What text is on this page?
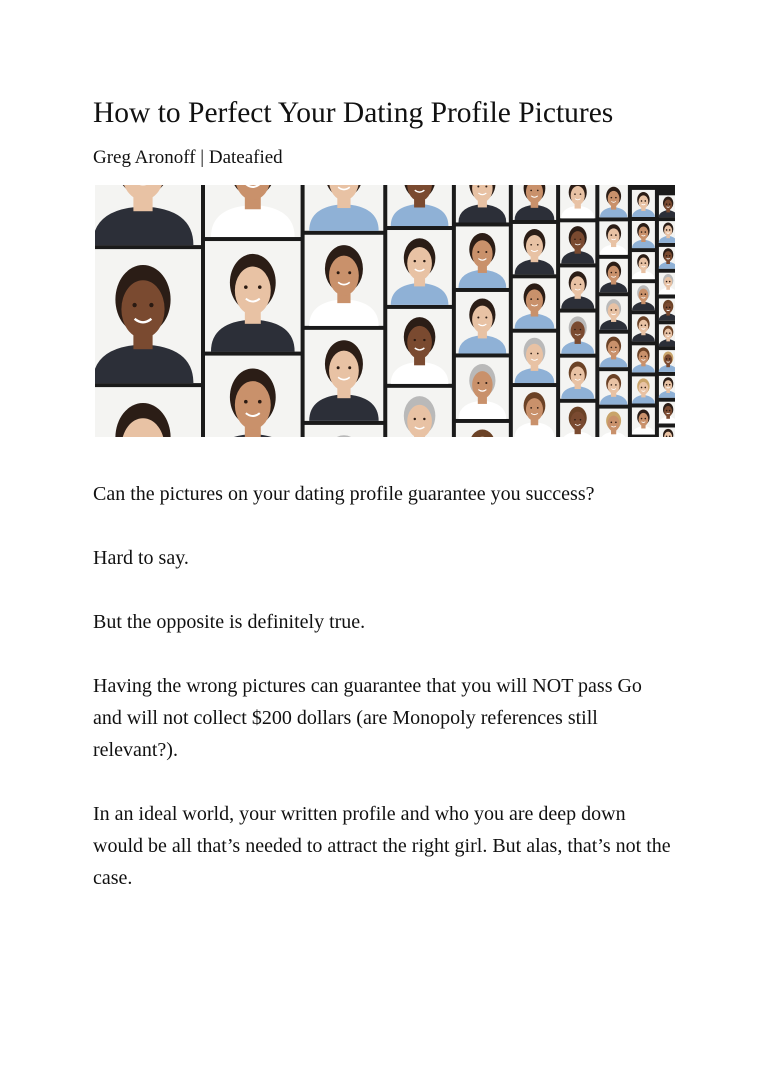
How to Perfect Your Dating Profile Pictures

Greg Aronoff | Dateafied

Can the pictures on your dating profile guarantee you success?

Hard to say.

But the opposite is definitely true.

Having the wrong pictures can guarantee that you will NOT pass Go and will not collect $200 dollars (are Monopoly references still relevant?).

In an ideal world, your written profile and who you are deep down would be all that’s needed to attract the right girl. But alas, that’s not the case.
